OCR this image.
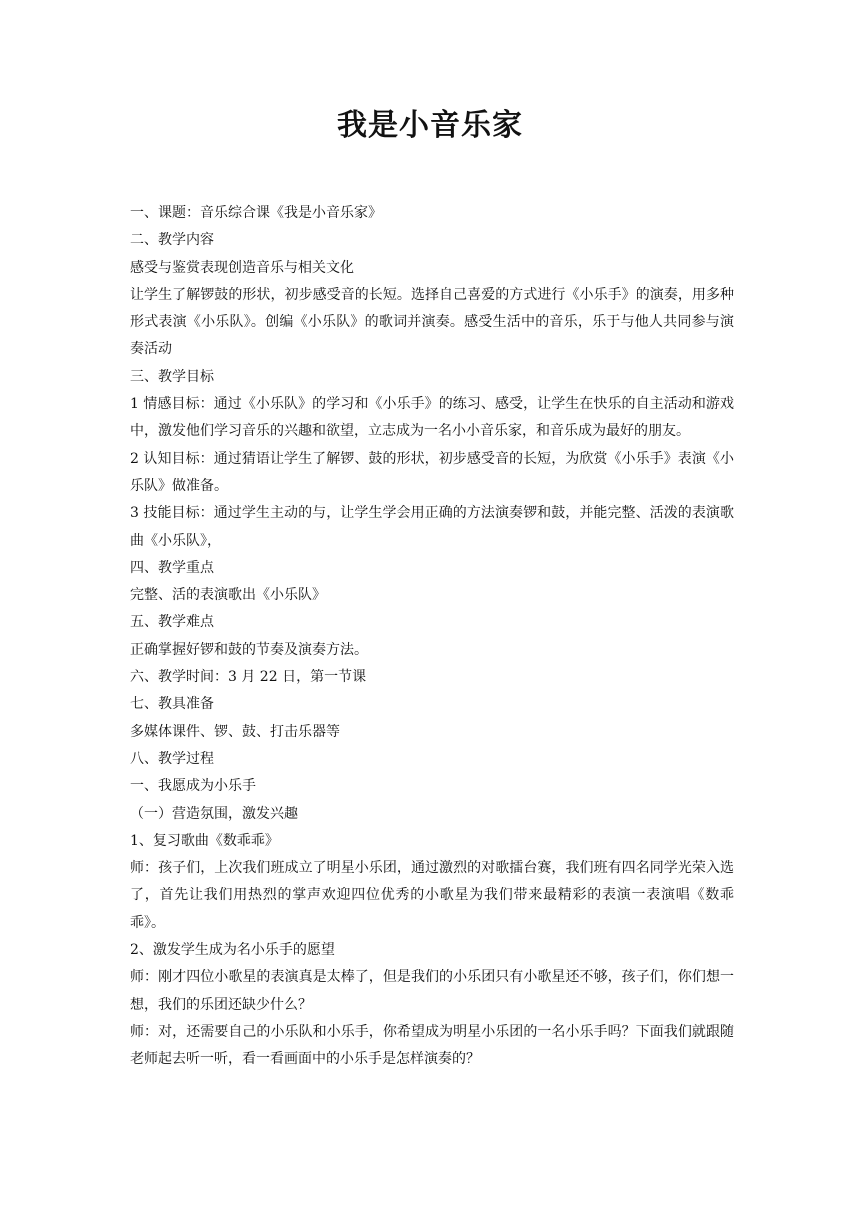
我是小音乐家

一、课题：音乐综合课《我是小音乐家》

二、教学内容

感受与鉴赏表现创造音乐与相关文化

让学生了解锣鼓的形状，初步感受音的长短。选择自己喜爱的方式进行《小乐手》的演奏，用多种形式表演《小乐队》。创编《小乐队》的歌词并演奏。感受生活中的音乐，乐于与他人共同参与演奏活动

三、教学目标

1 情感目标：通过《小乐队》的学习和《小乐手》的练习、感受，让学生在快乐的自主活动和游戏中，激发他们学习音乐的兴趣和欲望，立志成为一名小小音乐家，和音乐成为最好的朋友。

2 认知目标：通过猜语让学生了解锣、鼓的形状，初步感受音的长短，为欣赏《小乐手》表演《小乐队》做准备。

3 技能目标：通过学生主动的与，让学生学会用正确的方法演奏锣和鼓，并能完整、活泼的表演歌曲《小乐队》，

四、教学重点

完整、活的表演歌出《小乐队》

五、教学难点

正确掌握好锣和鼓的节奏及演奏方法。

六、教学时间：3 月 22 日，第一节课

七、教具准备

多媒体课件、锣、鼓、打击乐器等

八、教学过程

一、我愿成为小乐手

（一）营造氛围，激发兴趣

1、复习歌曲《数乖乖》

师：孩子们，上次我们班成立了明星小乐团，通过激烈的对歌擂台赛，我们班有四名同学光荣入选了，首先让我们用热烈的掌声欢迎四位优秀的小歌星为我们带来最精彩的表演一表演唱《数乖乖》。

2、激发学生成为名小乐手的愿望

师：刚才四位小歌星的表演真是太棒了，但是我们的小乐团只有小歌星还不够，孩子们，你们想一想，我们的乐团还缺少什么？

师：对，还需要自己的小乐队和小乐手，你希望成为明星小乐团的一名小乐手吗？下面我们就跟随老师起去听一听，看一看画面中的小乐手是怎样演奏的？
